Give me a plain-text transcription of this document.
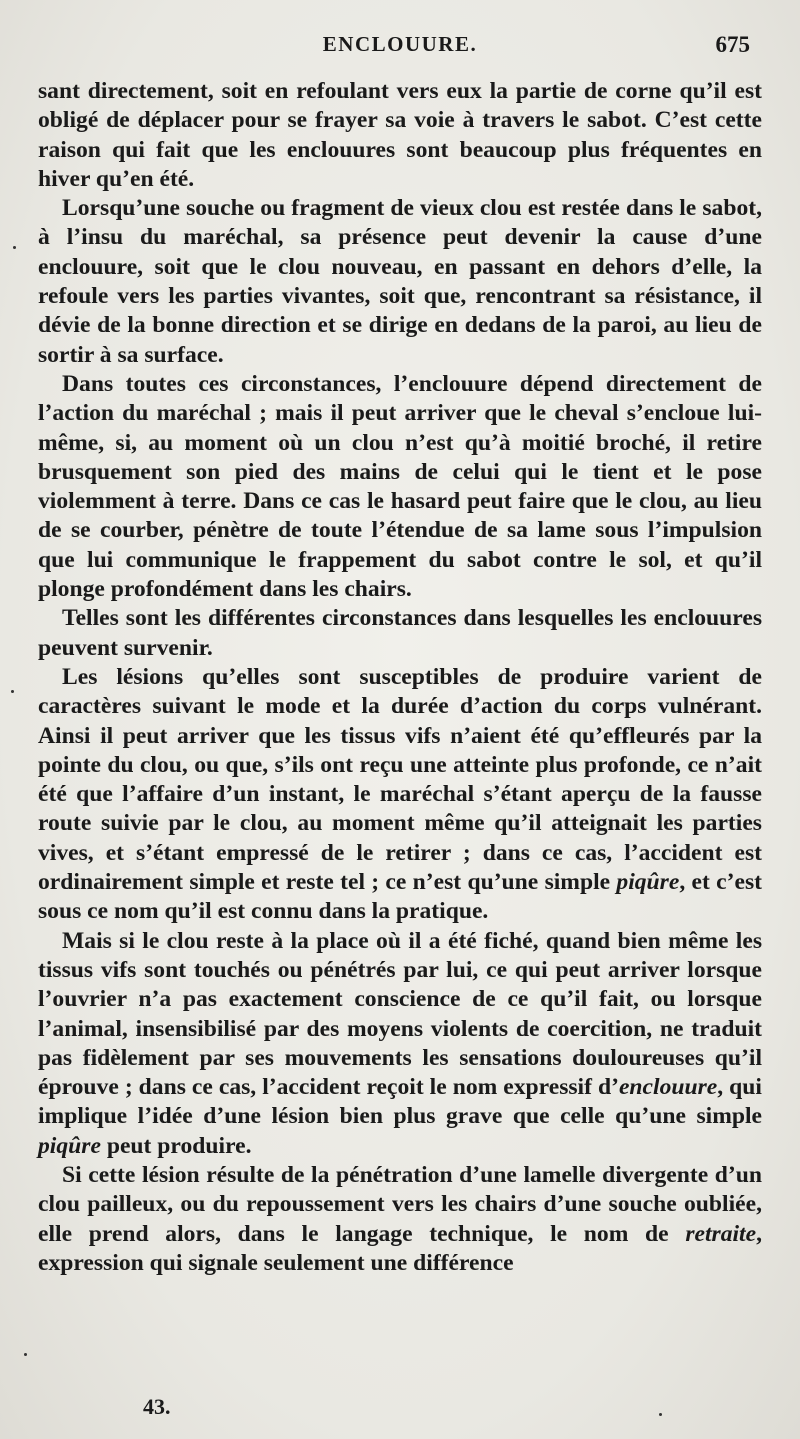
ENCLOUURE.	675

sant directement, soit en refoulant vers eux la partie de corne qu’il est obligé de déplacer pour se frayer sa voie à travers le sabot. C’est cette raison qui fait que les enclouures sont beaucoup plus fréquentes en hiver qu’en été.

Lorsqu’une souche ou fragment de vieux clou est restée dans le sabot, à l’insu du maréchal, sa présence peut devenir la cause d’une enclouure, soit que le clou nouveau, en passant en dehors d’elle, la refoule vers les parties vivantes, soit que, rencontrant sa résistance, il dévie de la bonne direction et se dirige en dedans de la paroi, au lieu de sortir à sa surface.

Dans toutes ces circonstances, l’enclouure dépend directement de l’action du maréchal ; mais il peut arriver que le cheval s’encloue lui-même, si, au moment où un clou n’est qu’à moitié broché, il retire brusquement son pied des mains de celui qui le tient et le pose violemment à terre. Dans ce cas le hasard peut faire que le clou, au lieu de se courber, pénètre de toute l’étendue de sa lame sous l’impulsion que lui communique le frappement du sabot contre le sol, et qu’il plonge profondément dans les chairs.

Telles sont les différentes circonstances dans lesquelles les enclouures peuvent survenir.

Les lésions qu’elles sont susceptibles de produire varient de caractères suivant le mode et la durée d’action du corps vulnérant. Ainsi il peut arriver que les tissus vifs n’aient été qu’effleurés par la pointe du clou, ou que, s’ils ont reçu une atteinte plus profonde, ce n’ait été que l’affaire d’un instant, le maréchal s’étant aperçu de la fausse route suivie par le clou, au moment même qu’il atteignait les parties vives, et s’étant empressé de le retirer ; dans ce cas, l’accident est ordinairement simple et reste tel ; ce n’est qu’une simple piqûre, et c’est sous ce nom qu’il est connu dans la pratique.

Mais si le clou reste à la place où il a été fiché, quand bien même les tissus vifs sont touchés ou pénétrés par lui, ce qui peut arriver lorsque l’ouvrier n’a pas exactement conscience de ce qu’il fait, ou lorsque l’animal, insensibilisé par des moyens violents de coercition, ne traduit pas fidèlement par ses mouvements les sensations douloureuses qu’il éprouve ; dans ce cas, l’accident reçoit le nom expressif d’enclouure, qui implique l’idée d’une lésion bien plus grave que celle qu’une simple piqûre peut produire.

Si cette lésion résulte de la pénétration d’une lamelle divergente d’un clou pailleux, ou du repoussement vers les chairs d’une souche oubliée, elle prend alors, dans le langage technique, le nom de retraite, expression qui signale seulement une différence

43.
